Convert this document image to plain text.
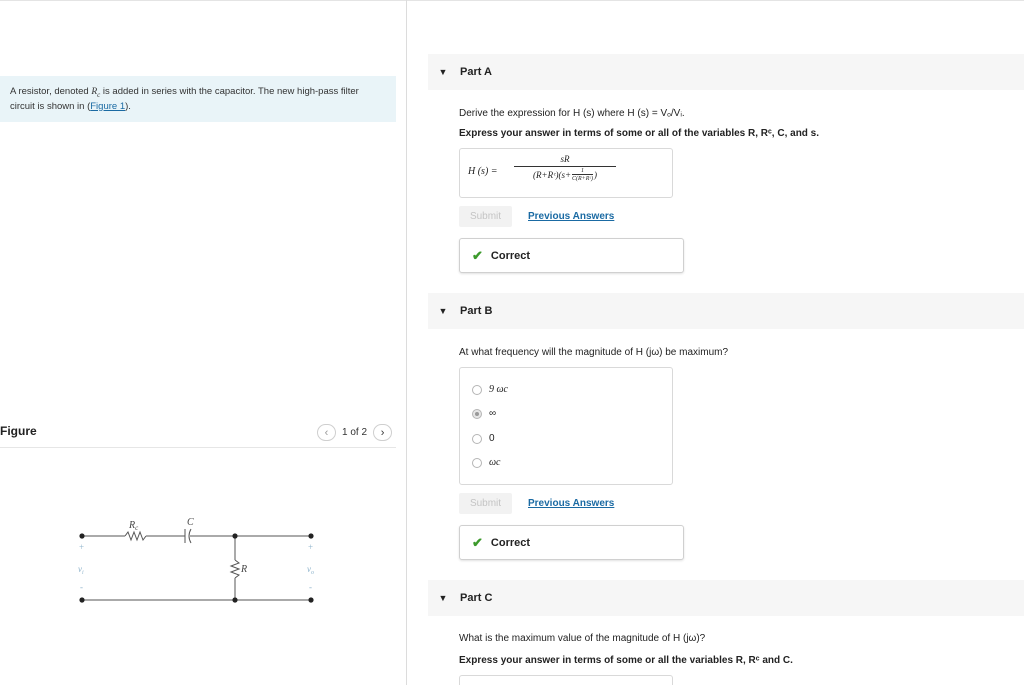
A resistor, denoted $R_c$ is added in series with the capacitor. The new high-pass filter circuit is shown in (Figure 1).
Figure	‹	1 of 2	›
$R_c$	C
R
+
$v_i$
-
+
$v_o$
-
▼	Part A
Derive the expression for H (s) where H (s) = Vₒ/Vᵢ.
Express your answer in terms of some or all of the variables R, Rᶜ, C, and s.
H (s) =
sR
(R+Rᶜ)(s+ $\frac{1}{\text{C(R+Rᶜ)}}$ )
Submit	Previous Answers
✔ Correct
▼	Part B
At what frequency will the magnitude of H (jω) be maximum?
9 ωc
∞
0
ωc
Submit	Previous Answers
✔ Correct
▼	Part C
What is the maximum value of the magnitude of H (jω)?
Express your answer in terms of some or all the variables R, Rᶜ and C.
